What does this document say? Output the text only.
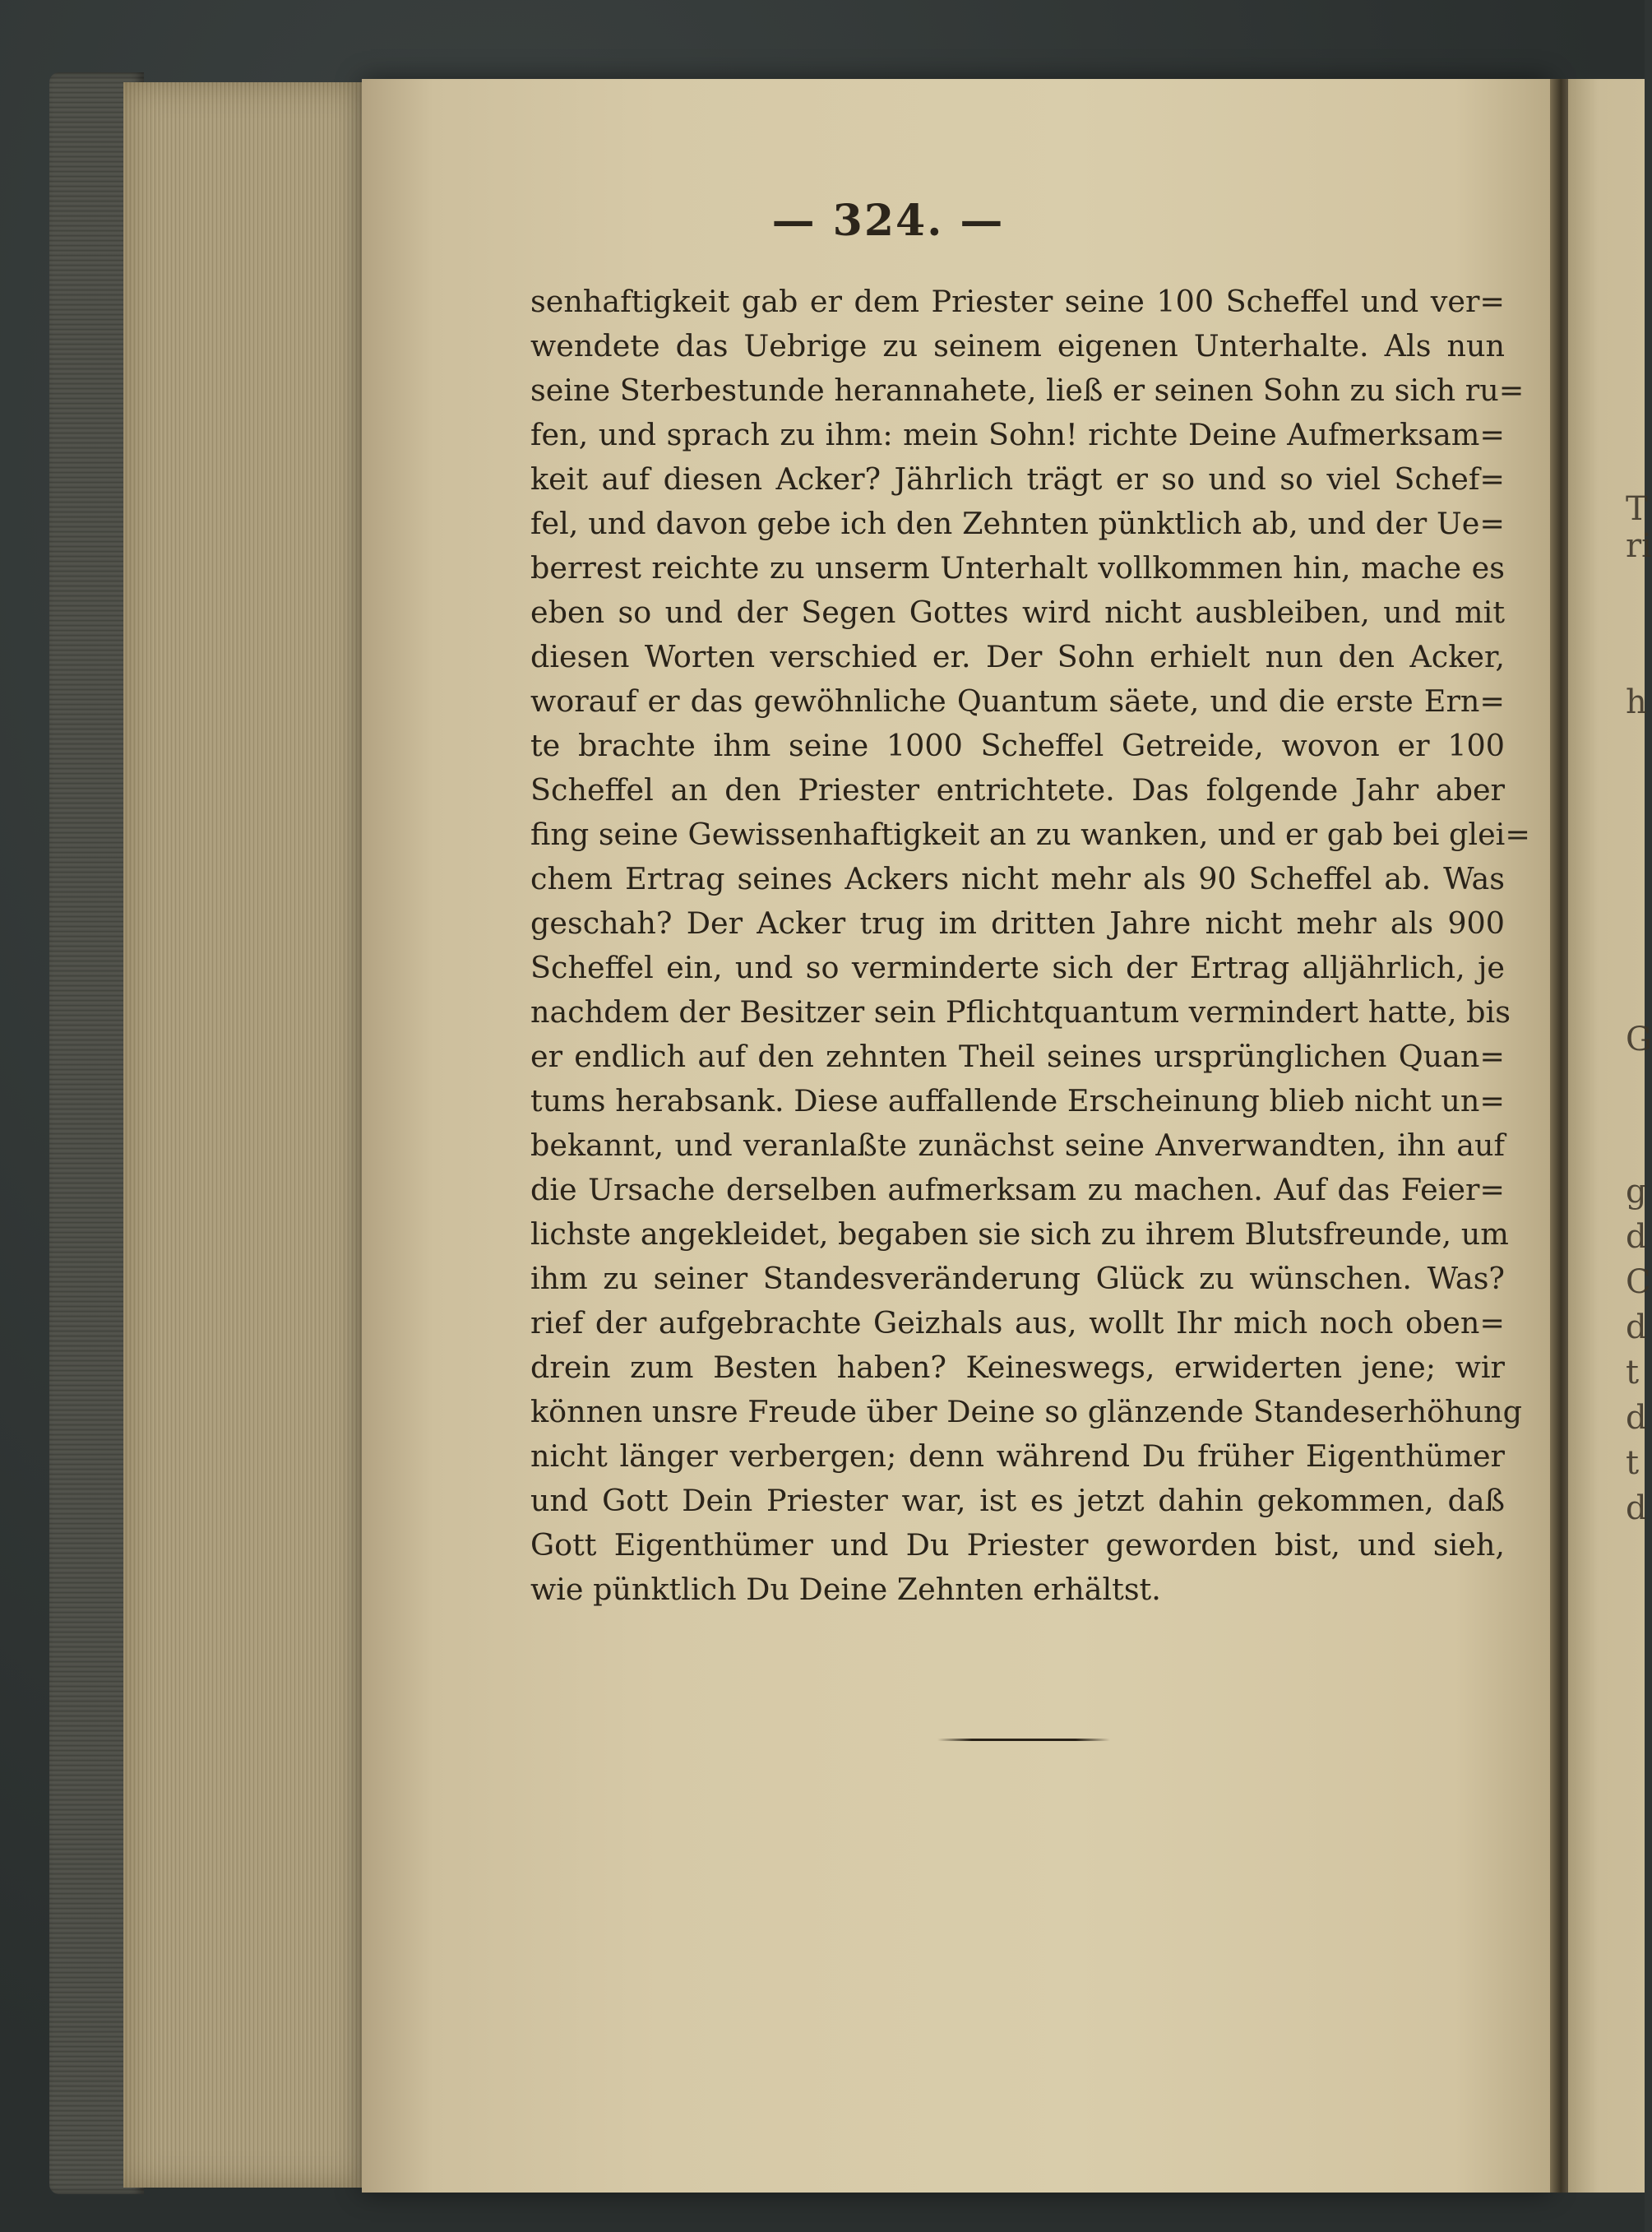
T
ri
h
G
g
d
C
d
t
d
t
d
— 324. —
senhaftigkeit gab er dem Priester seine 100 Scheffel und ver=
wendete das Uebrige zu seinem eigenen Unterhalte. Als nun
seine Sterbestunde herannahete, ließ er seinen Sohn zu sich ru=
fen, und sprach zu ihm: mein Sohn! richte Deine Aufmerksam=
keit auf diesen Acker? Jährlich trägt er so und so viel Schef=
fel, und davon gebe ich den Zehnten pünktlich ab, und der Ue=
berrest reichte zu unserm Unterhalt vollkommen hin, mache es
eben so und der Segen Gottes wird nicht ausbleiben, und mit
diesen Worten verschied er. Der Sohn erhielt nun den Acker,
worauf er das gewöhnliche Quantum säete, und die erste Ern=
te brachte ihm seine 1000 Scheffel Getreide, wovon er 100
Scheffel an den Priester entrichtete. Das folgende Jahr aber
fing seine Gewissenhaftigkeit an zu wanken, und er gab bei glei=
chem Ertrag seines Ackers nicht mehr als 90 Scheffel ab. Was
geschah? Der Acker trug im dritten Jahre nicht mehr als 900
Scheffel ein, und so verminderte sich der Ertrag alljährlich, je
nachdem der Besitzer sein Pflichtquantum vermindert hatte, bis
er endlich auf den zehnten Theil seines ursprünglichen Quan=
tums herabsank. Diese auffallende Erscheinung blieb nicht un=
bekannt, und veranlaßte zunächst seine Anverwandten, ihn auf
die Ursache derselben aufmerksam zu machen. Auf das Feier=
lichste angekleidet, begaben sie sich zu ihrem Blutsfreunde, um
ihm zu seiner Standesveränderung Glück zu wünschen. Was?
rief der aufgebrachte Geizhals aus, wollt Ihr mich noch oben=
drein zum Besten haben? Keineswegs, erwiderten jene; wir
können unsre Freude über Deine so glänzende Standeserhöhung
nicht länger verbergen; denn während Du früher Eigenthümer
und Gott Dein Priester war, ist es jetzt dahin gekommen, daß
Gott Eigenthümer und Du Priester geworden bist, und sieh,
wie pünktlich Du Deine Zehnten erhältst.
